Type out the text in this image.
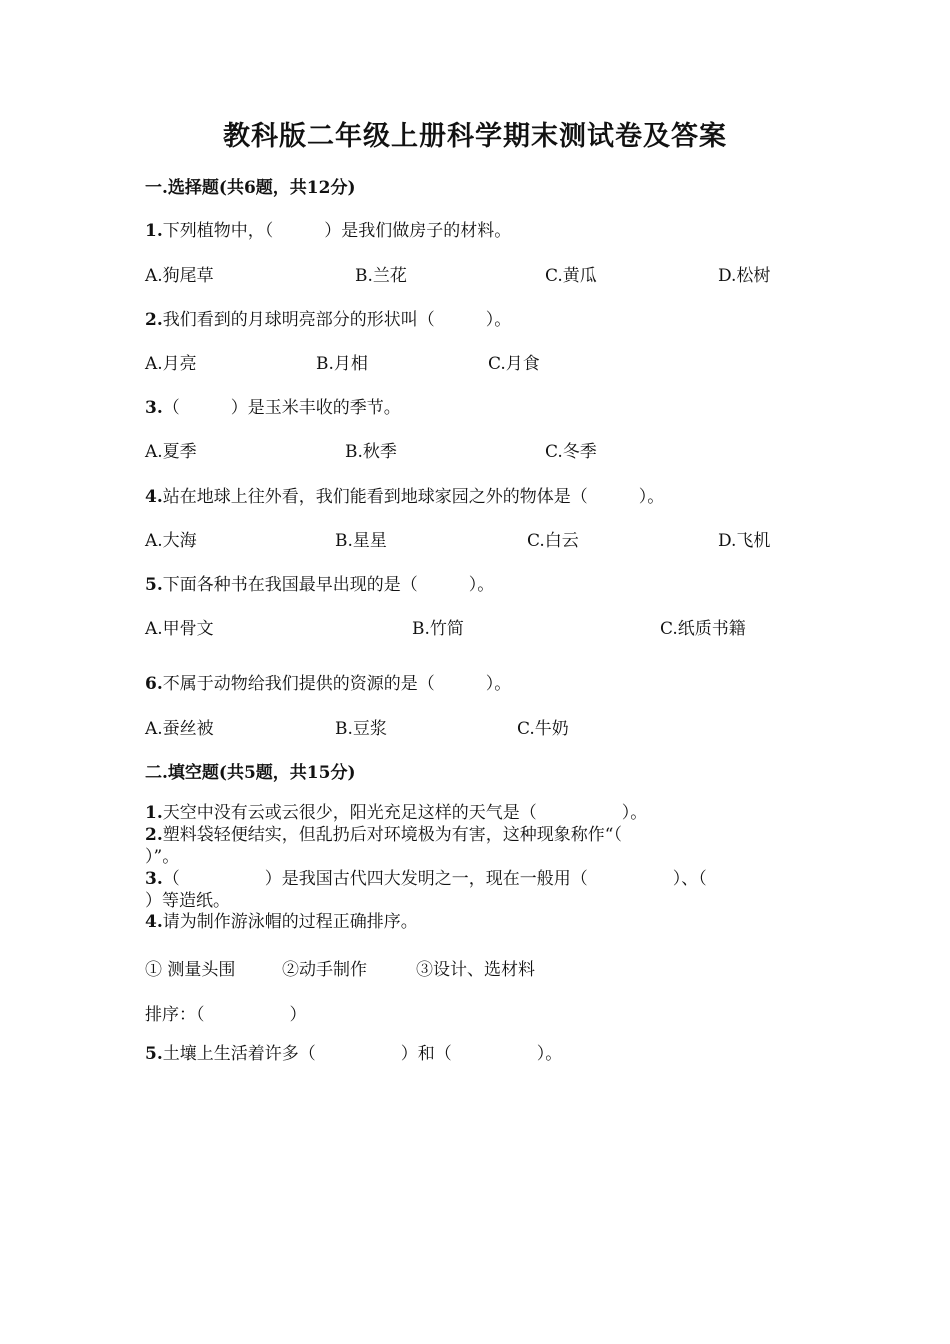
教科版二年级上册科学期末测试卷及答案
一.选择题(共6题，共12分)
1.下列植物中，（　　　）是我们做房子的材料。
A.狗尾草	B.兰花	C.黄瓜	D.松树
2.我们看到的月球明亮部分的形状叫（　　　）。
A.月亮	B.月相	C.月食
3.（　　　）是玉米丰收的季节。
A.夏季	B.秋季	C.冬季
4.站在地球上往外看，我们能看到地球家园之外的物体是（　　　）。
A.大海	B.星星	C.白云	D.飞机
5.下面各种书在我国最早出现的是（　　　）。
A.甲骨文	B.竹简	C.纸质书籍
6.不属于动物给我们提供的资源的是（　　　）。
A.蚕丝被	B.豆浆	C.牛奶
二.填空题(共5题，共15分)
1.天空中没有云或云很少，阳光充足这样的天气是（　　　　　）。
2.塑料袋轻便结实，但乱扔后对环境极为有害，这种现象称作“（
）”。
3.（　　　　　）是我国古代四大发明之一，现在一般用（　　　　　）、（
）等造纸。
4.请为制作游泳帽的过程正确排序。
① 测量头围	②动手制作	③设计、选材料
排序：（　　　　　）
5.土壤上生活着许多（　　　　　）和（　　　　　）。
